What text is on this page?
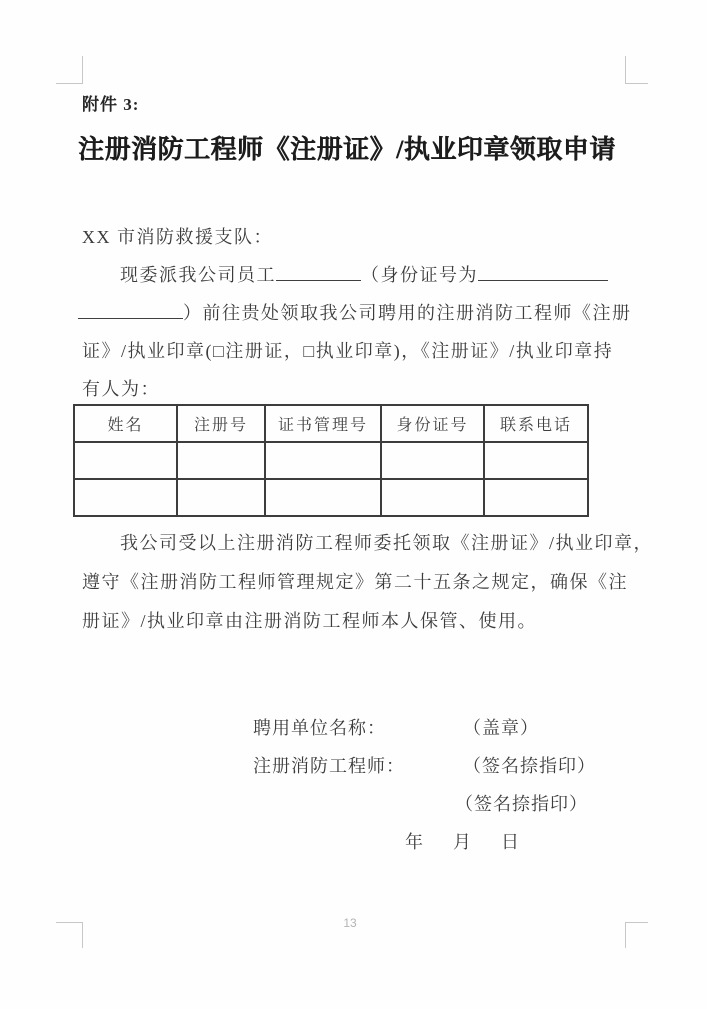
附件 3:
注册消防工程师《注册证》/执业印章领取申请
XX 市消防救援支队：
现委派我公司员工	（身份证号为
）前往贵处领取我公司聘用的注册消防工程师《注册
证》/执业印章(□注册证，□执业印章)，《注册证》/执业印章持
有人为：
姓名	注册号	证书管理号	身份证号	联系电话

我公司受以上注册消防工程师委托领取《注册证》/执业印章，
遵守《注册消防工程师管理规定》第二十五条之规定，确保《注
册证》/执业印章由注册消防工程师本人保管、使用。
聘用单位名称：	（盖章）
注册消防工程师：	（签名捺指印）
（签名捺指印）
年　月　日
13
